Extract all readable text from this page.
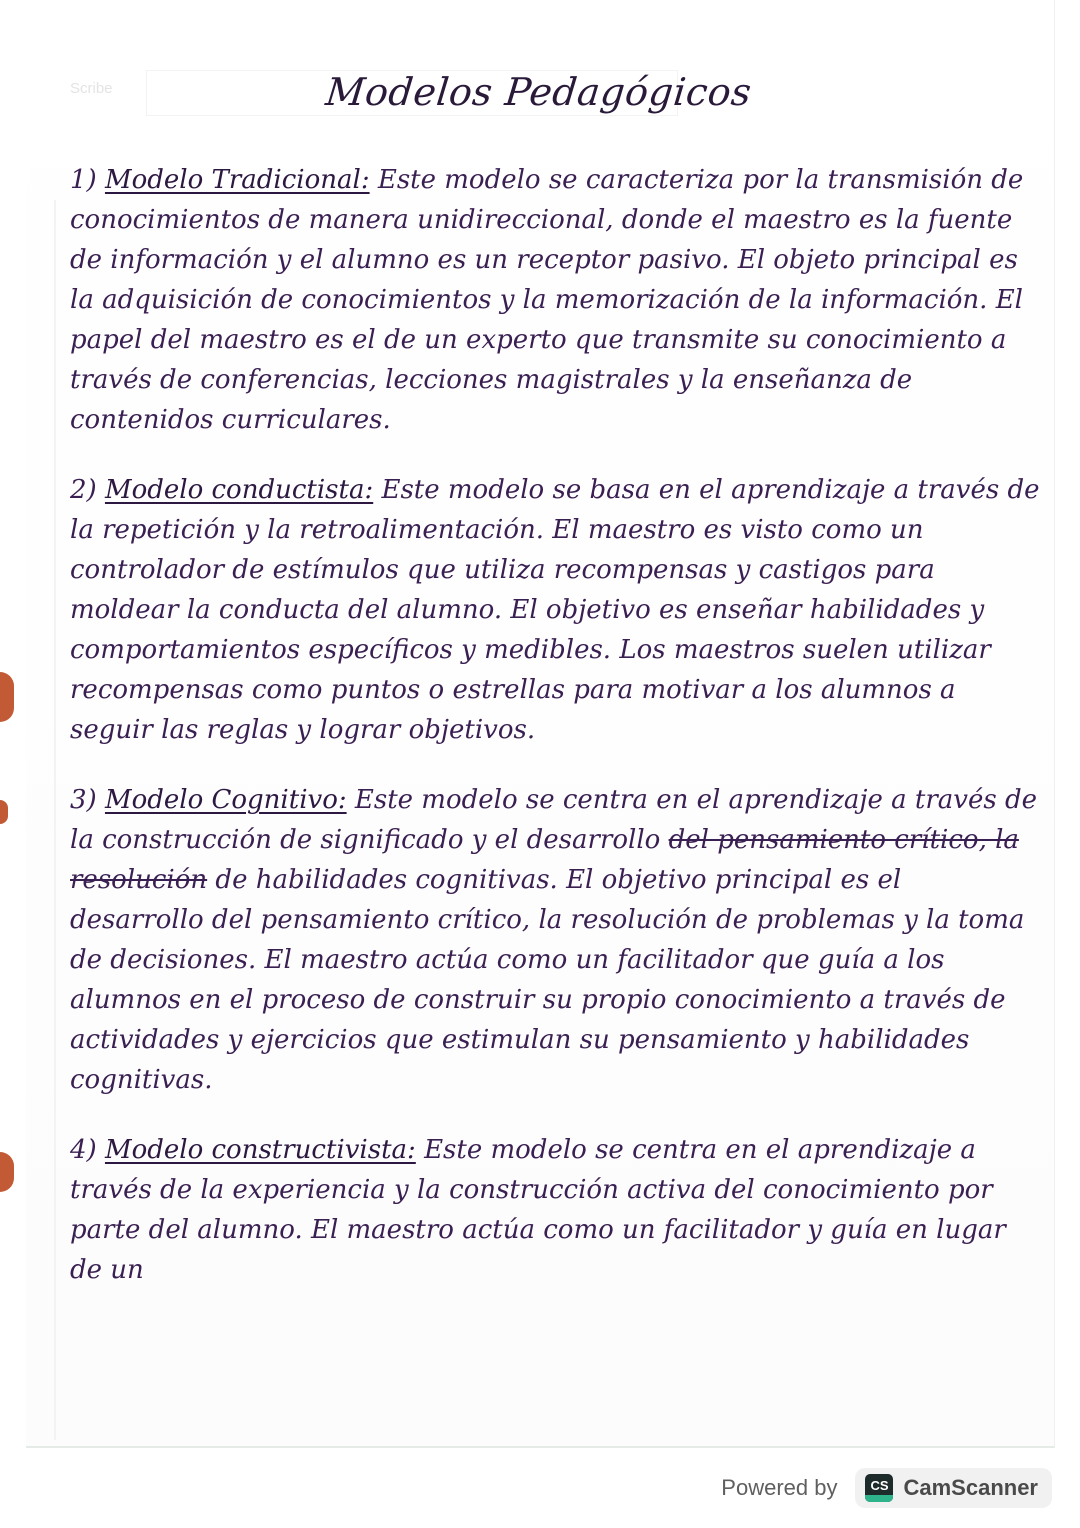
Scribe	Modelos Pedagógicos

1) Modelo Tradicional: Este modelo se caracteriza por la transmisión de conocimientos de manera unidireccional, donde el maestro es la fuente de información y el alumno es un receptor pasivo. El objeto principal es la adquisición de conocimientos y la memorización de la información. El papel del maestro es el de un experto que transmite su conocimiento a través de conferencias, lecciones magistrales y la enseñanza de contenidos curriculares.

2) Modelo conductista: Este modelo se basa en el aprendizaje a través de la repetición y la retroalimentación. El maestro es visto como un controlador de estímulos que utiliza recompensas y castigos para moldear la conducta del alumno. El objetivo es enseñar habilidades y comportamientos específicos y medibles. Los maestros suelen utilizar recompensas como puntos o estrellas para motivar a los alumnos a seguir las reglas y lograr objetivos.

3) Modelo Cognitivo: Este modelo se centra en el aprendizaje a través de la construcción de significado y el desarrollo del pensamiento crítico, la resolución de habilidades cognitivas. El objetivo principal es el desarrollo del pensamiento crítico, la resolución de problemas y la toma de decisiones. El maestro actúa como un facilitador que guía a los alumnos en el proceso de construir su propio conocimiento a través de actividades y ejercicios que estimulan su pensamiento y habilidades cognitivas.

4) Modelo constructivista: Este modelo se centra en el aprendizaje a través de la experiencia y la construcción activa del conocimiento por parte del alumno. El maestro actúa como un facilitador y guía en lugar de un

Powered by	CS CamScanner
